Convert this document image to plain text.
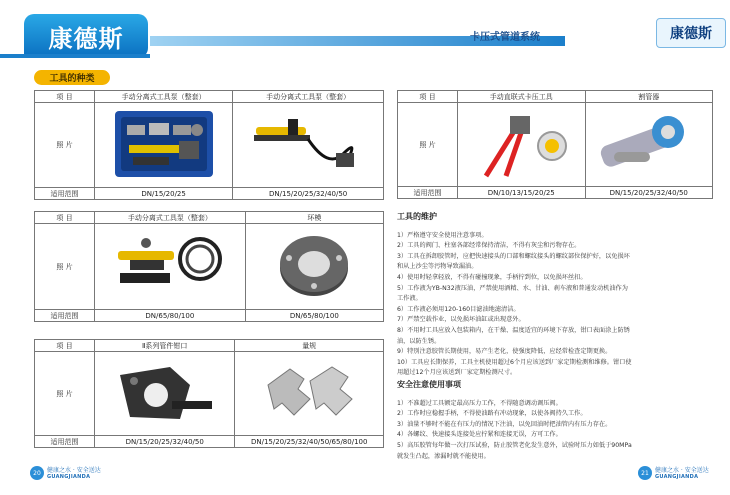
康德斯	卡压式管道系统	康德斯
工具的种类
项 目	手动分离式工具泵（整套）	手动分离式工具泵（整套）
照 片		
适用范围	DN/15/20/25	DN/15/20/25/32/40/50
项 目	手动分离式工具泵（整套）	环模
照 片		
适用范围	DN/65/80/100	DN/65/80/100
项 目	Ⅱ系列管件钳口	量规
照 片		
适用范围	DN/15/20/25/32/40/50	DN/15/20/25/32/40/50/65/80/100
项 目	手动直联式卡压工具	割管器
照 片		
适用范围	DN/10/13/15/20/25	DN/15/20/25/32/40/50
工具的维护
1）严格遵守安全使用注意事项。
2）工具的阀门、柱塞各部经常保持清洁，不得有灰尘和污物存在。
3）工具在拆卸胶管时，应把快速接头的口部和螺纹接头的螺纹部位保护好，以免损坏
和从上沙尘等污物导致漏油。
4）使用时轻拿轻放，不得有碰撞现象，手柄拧到位，以免损坏丝扣。
5）工作液为YB-N32液压油，严禁使用酒精、水、甘油、刹车液和普通发动机油作为
工作液。
6）工作液必须用120-160目滤油地滤清洁。
7）严禁空载作业，以免损坏油缸或出现意外。
8）不用时工具应放入包装箱内，在干燥、温度适宜的环境下存放，钳口表面涂上防锈
油，以防生锈。
9）特别注意胶管长期使用，易产生老化，使强度降低，应经常检查定期更换。
10）工具应长期保养，工具主机使用超过6个月应该送到厂家定期检测和维修。钳口使
用超过12个月应该送到厂家定期检测尺寸。
安全注意使用事项
1）不准超过工具额定最高压力工作，不得随意调动调压阀。
2）工作时应稳握手柄，不得使油路有冲动现象，以使各阀持久工作。
3）油量不够时不能在有压力的情况下注油，以免回油时把油管内有压力存在。
4）各螺纹、快速接头连接处应拧紧和连接无误，方可工作。
5）高压胶管每年做一次打压试验，防止胶管老化发生意外，试验时压力如低于90MPa
就发生凸起，渗漏时就不能使用。
20	健康之水 · 安全送达
GUANGJIANDA	21	健康之水 · 安全送达
GUANGJIANDA
